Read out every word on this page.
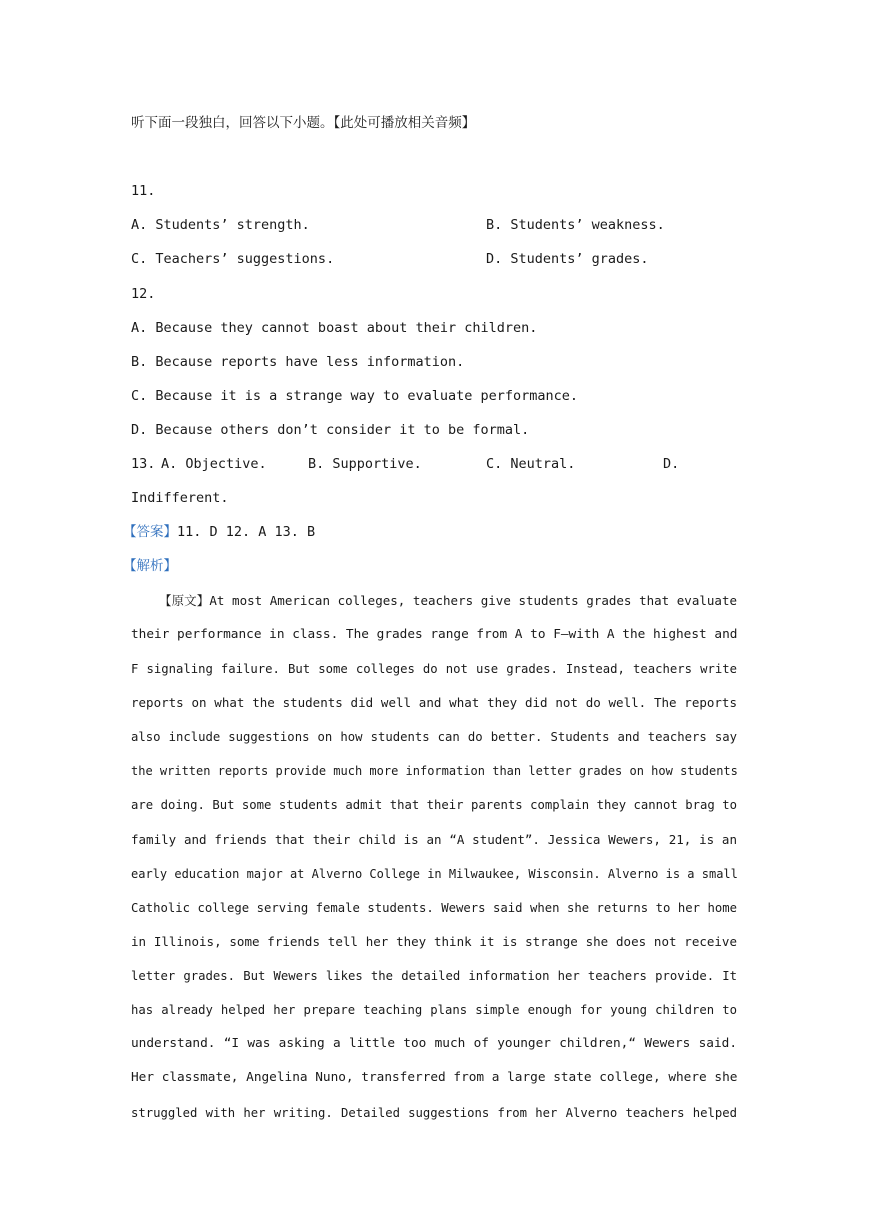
听下面一段独白，回答以下小题。【此处可播放相关音频】
11.
A. Students’ strength.	B. Students’ weakness.
C. Teachers’ suggestions.	D. Students’ grades.
12.
A. Because they cannot boast about their children.
B. Because reports have less information.
C. Because it is a strange way to evaluate performance.
D. Because others don’t consider it to be formal.
13. A. Objective.	B. Supportive.	C. Neutral.	D.
Indifferent.
【答案】11. D 12. A 13. B
【解析】
【原文】At most American colleges, teachers give students grades that evaluate
their performance in class. The grades range from A to F—with A the highest and
F signaling failure. But some colleges do not use grades. Instead, teachers write
reports on what the students did well and what they did not do well. The reports
also include suggestions on how students can do better. Students and teachers say
the written reports provide much more information than letter grades on how students
are doing. But some students admit that their parents complain they cannot brag to
family and friends that their child is an “A student”. Jessica Wewers, 21, is an
early education major at Alverno College in Milwaukee, Wisconsin. Alverno is a small
Catholic college serving female students. Wewers said when she returns to her home
in Illinois, some friends tell her they think it is strange she does not receive
letter grades. But Wewers likes the detailed information her teachers provide. It
has already helped her prepare teaching plans simple enough for young children to
understand. “I was asking a little too much of younger children,“ Wewers said.
Her classmate, Angelina Nuno, transferred from a large state college, where she
struggled with her writing. Detailed suggestions from her Alverno teachers helped
